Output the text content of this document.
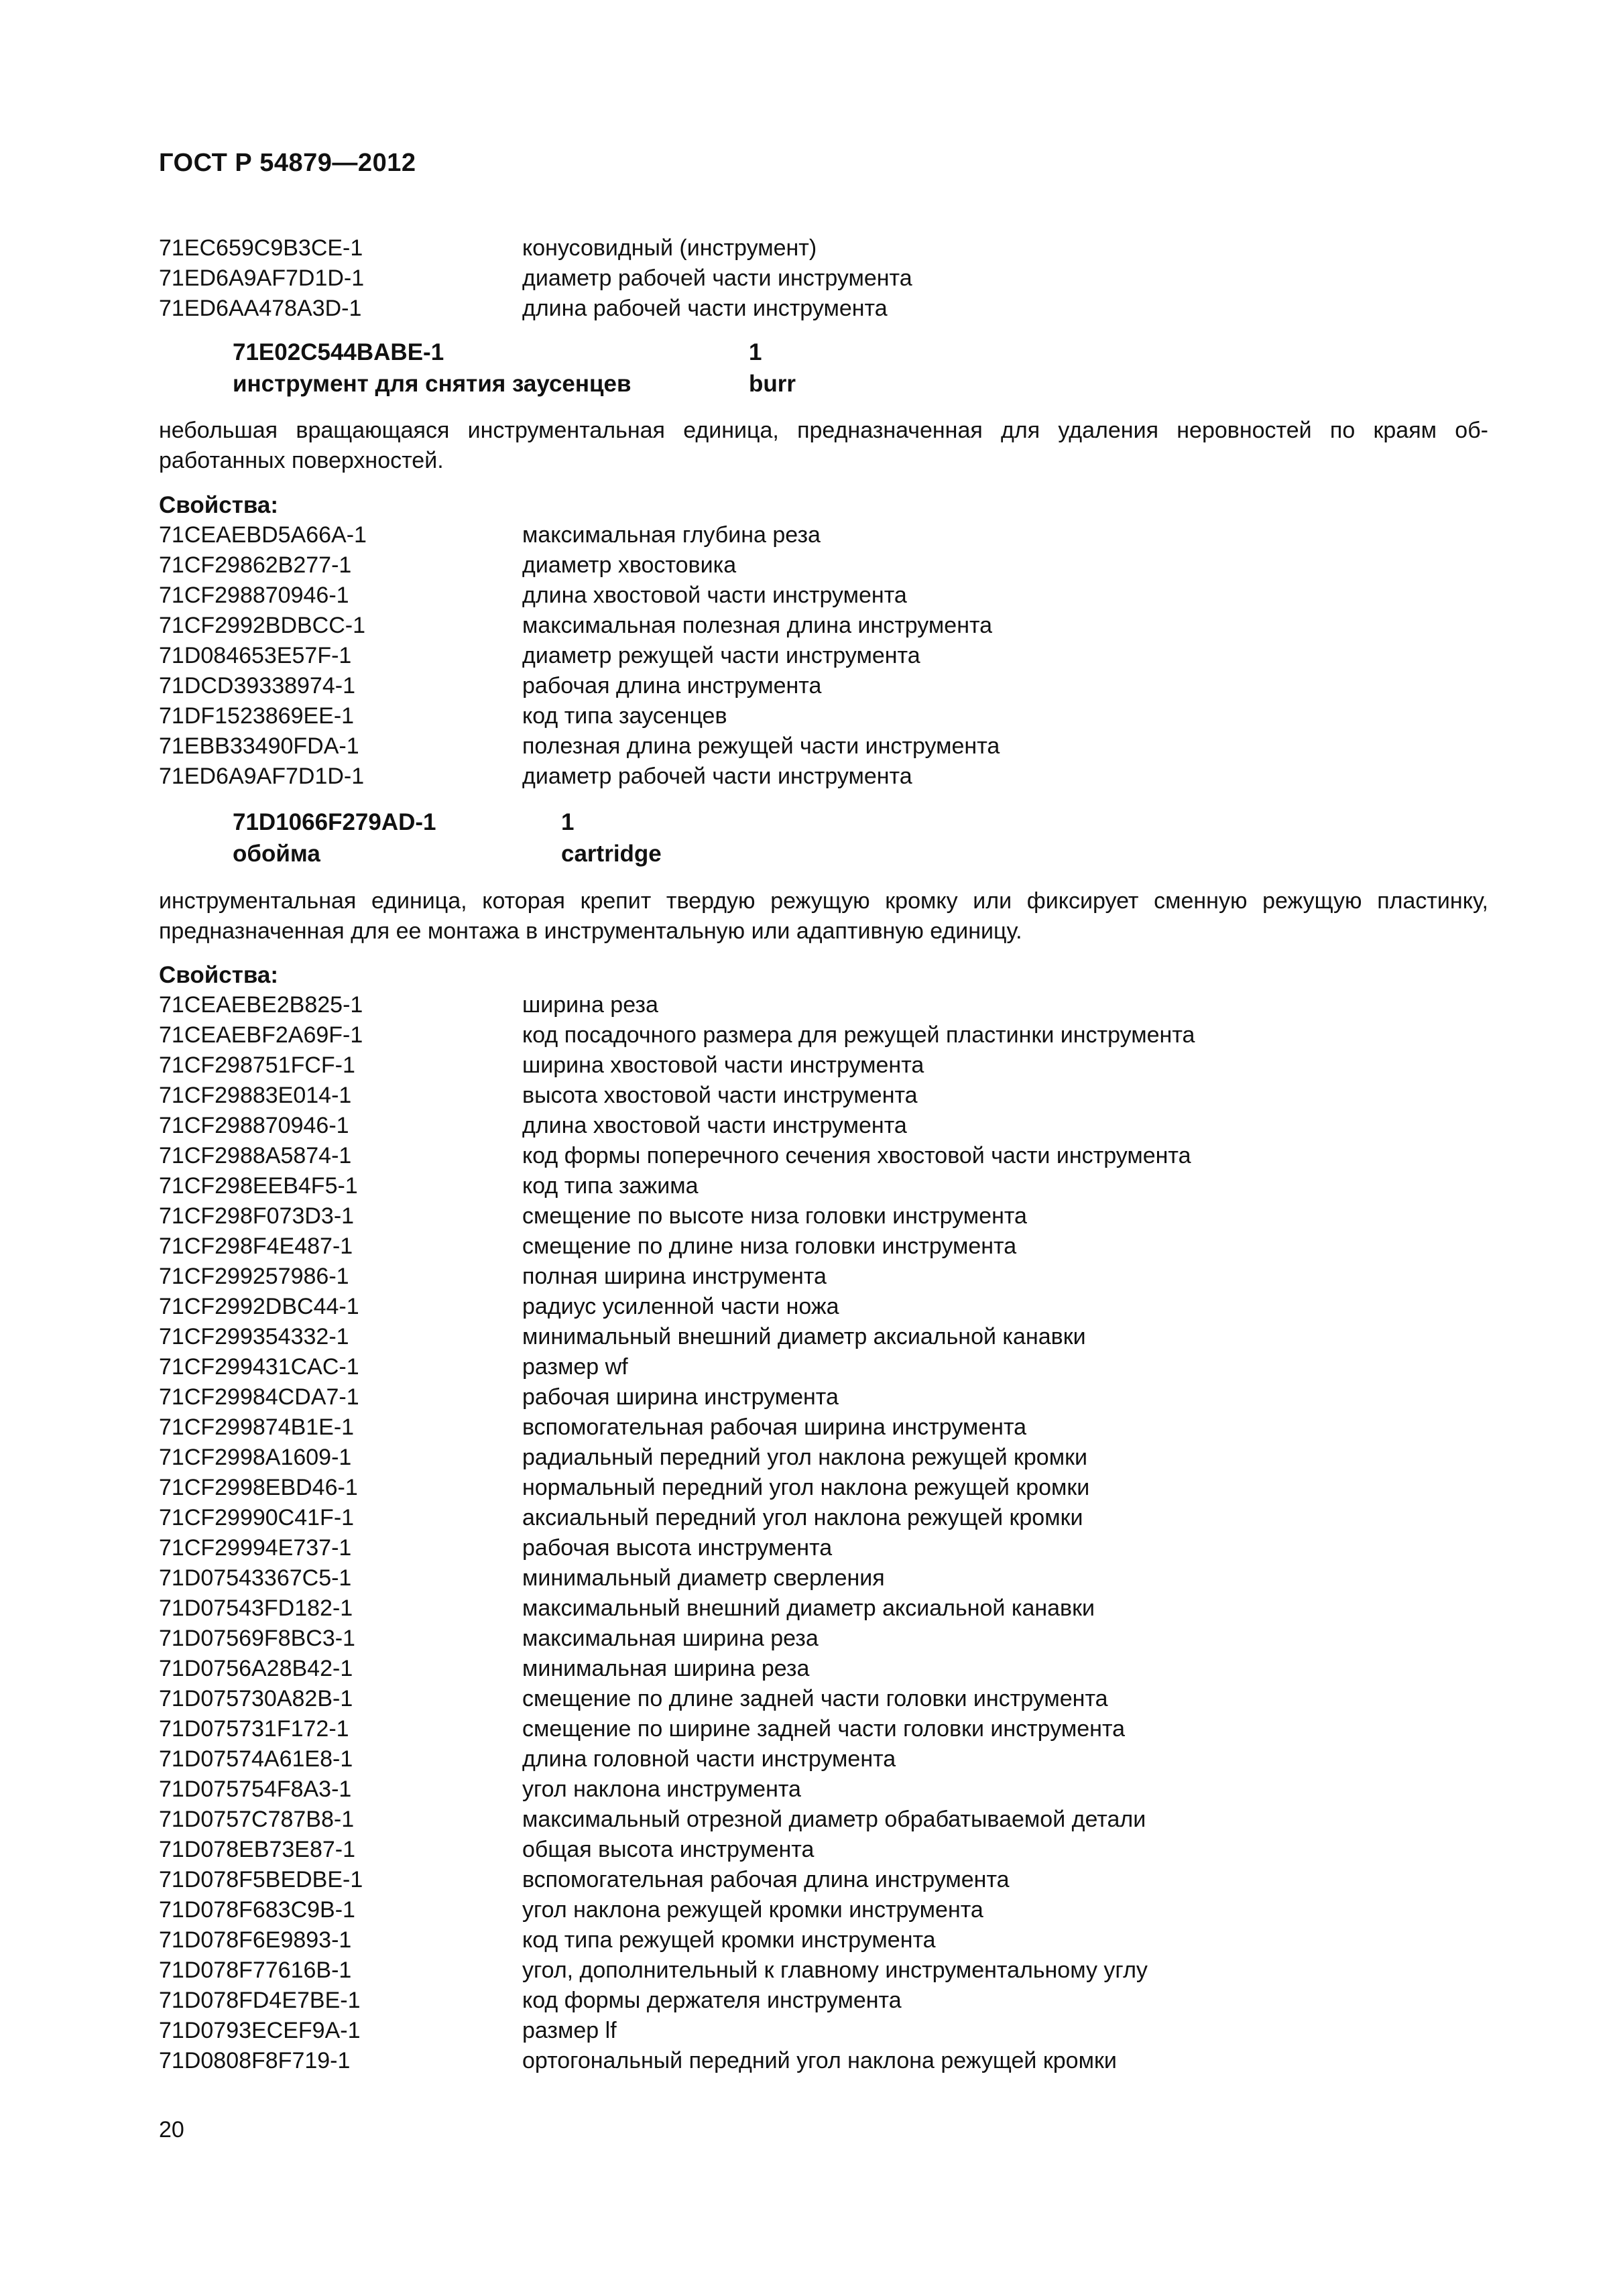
ГОСТ Р 54879—2012
71EC659C9B3CE-1	конусовидный (инструмент)
71ED6A9AF7D1D-1	диаметр рабочей части инструмента
71ED6AA478A3D-1	длина рабочей части инструмента
71E02C544BABE-1	1
инструмент для снятия заусенцев	burr
небольшая вращающаяся инструментальная единица, предназначенная для удаления неровностей по краям об-работанных поверхностей.
Свойства:
71CEAEBD5A66A-1	максимальная глубина реза
71CF29862B277-1	диаметр хвостовика
71CF298870946-1	длина хвостовой части инструмента
71CF2992BDBCC-1	максимальная полезная длина инструмента
71D084653E57F-1	диаметр режущей части инструмента
71DCD39338974-1	рабочая длина инструмента
71DF1523869EE-1	код типа заусенцев
71EBB33490FDA-1	полезная длина режущей части инструмента
71ED6A9AF7D1D-1	диаметр рабочей части инструмента
71D1066F279AD-1	1
обойма	cartridge
инструментальная единица, которая крепит твердую режущую кромку или фиксирует сменную режущую пластинку, предназначенная для ее монтажа в инструментальную или адаптивную единицу.
Свойства:
71CEAEBE2B825-1	ширина реза
71CEAEBF2A69F-1	код посадочного размера для режущей пластинки инструмента
71CF298751FCF-1	ширина хвостовой части инструмента
71CF29883E014-1	высота хвостовой части инструмента
71CF298870946-1	длина хвостовой части инструмента
71CF2988A5874-1	код формы поперечного сечения хвостовой части инструмента
71CF298EEB4F5-1	код типа зажима
71CF298F073D3-1	смещение по высоте низа головки инструмента
71CF298F4E487-1	смещение по длине низа головки инструмента
71CF299257986-1	полная ширина инструмента
71CF2992DBC44-1	радиус усиленной части ножа
71CF299354332-1	минимальный внешний диаметр аксиальной канавки
71CF299431CAC-1	размер wf
71CF29984CDA7-1	рабочая ширина инструмента
71CF299874B1E-1	вспомогательная рабочая ширина инструмента
71CF2998A1609-1	радиальный передний угол наклона режущей кромки
71CF2998EBD46-1	нормальный передний угол наклона режущей кромки
71CF29990C41F-1	аксиальный передний угол наклона режущей кромки
71CF29994E737-1	рабочая высота инструмента
71D07543367C5-1	минимальный диаметр сверления
71D07543FD182-1	максимальный внешний диаметр аксиальной канавки
71D07569F8BC3-1	максимальная ширина реза
71D0756A28B42-1	минимальная ширина реза
71D075730A82B-1	смещение по длине задней части головки инструмента
71D075731F172-1	смещение по ширине задней части головки инструмента
71D07574A61E8-1	длина головной части инструмента
71D075754F8A3-1	угол наклона инструмента
71D0757C787B8-1	максимальный отрезной диаметр обрабатываемой детали
71D078EB73E87-1	общая высота инструмента
71D078F5BEDBE-1	вспомогательная рабочая длина инструмента
71D078F683C9B-1	угол наклона режущей кромки инструмента
71D078F6E9893-1	код типа режущей кромки инструмента
71D078F77616B-1	угол, дополнительный к главному инструментальному углу
71D078FD4E7BE-1	код формы держателя инструмента
71D0793ECEF9A-1	размер lf
71D0808F8F719-1	ортогональный передний угол наклона режущей кромки
20
